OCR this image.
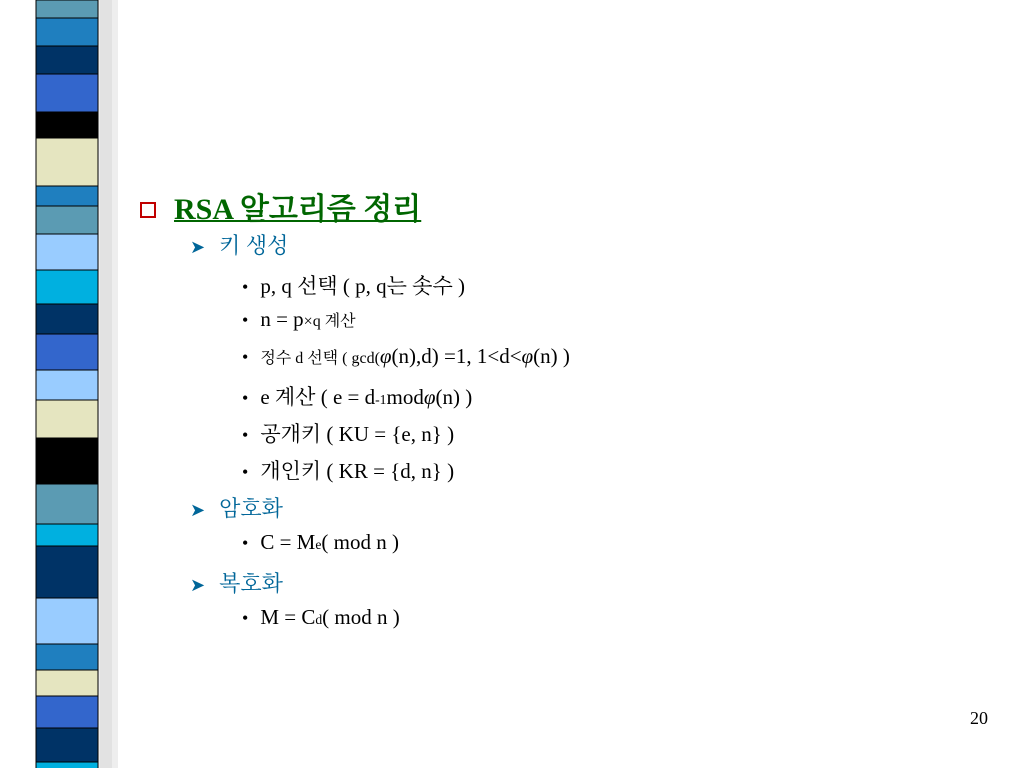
RSA 알고리즘 정리
➤ 키 생성
• p, q 선택 ( p, q는 솟수 )
• n = p × q 계산
• 정수 d 선택 ( gcd( φ (n),d) =1, 1<d< φ (n) )
• e 계산 ( e = d -1 mod φ (n) )
• 공개키 ( KU = {e, n} )
• 개인키 ( KR = {d, n} )
➤ 암호화
• C = M e ( mod n )
➤ 복호화
• M = C d ( mod n )
20
